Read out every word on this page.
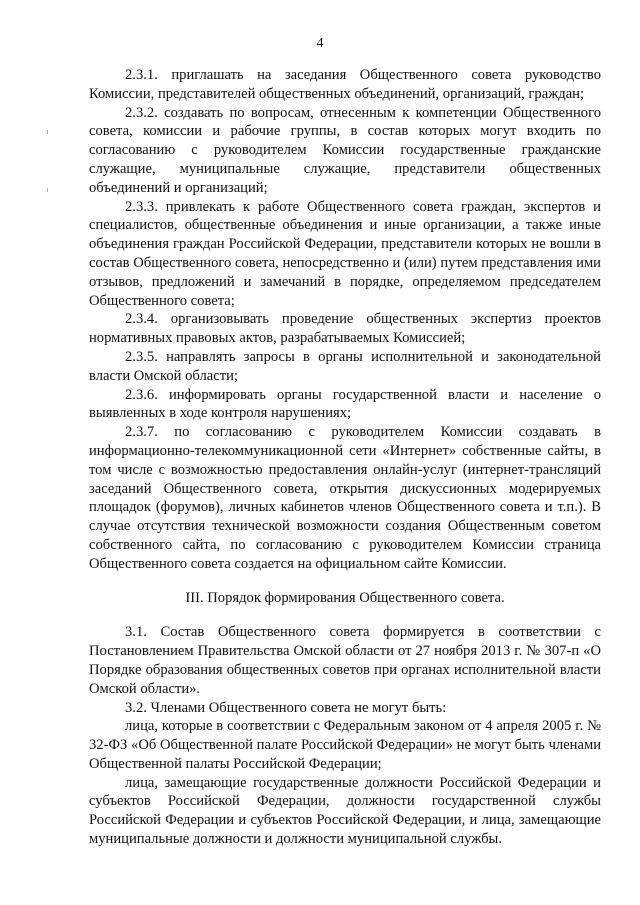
4

2.3.1. приглашать на заседания Общественного совета руководство Комиссии, представителей общественных объединений, организаций, граждан;

2.3.2. создавать по вопросам, отнесенным к компетенции Общественного совета, комиссии и рабочие группы, в состав которых могут входить по согласованию с руководителем Комиссии государственные гражданские служащие, муниципальные служащие, представители общественных объединений и организаций;

2.3.3. привлекать к работе Общественного совета граждан, экспертов и специалистов, общественные объединения и иные организации, а также иные объединения граждан Российской Федерации, представители которых не вошли в состав Общественного совета, непосредственно и (или) путем представления ими отзывов, предложений и замечаний в порядке, определяемом председателем Общественного совета;

2.3.4. организовывать проведение общественных экспертиз проектов нормативных правовых актов, разрабатываемых Комиссией;

2.3.5. направлять запросы в органы исполнительной и законодательной власти Омской области;

2.3.6. информировать органы государственной власти и население о выявленных в ходе контроля нарушениях;

2.3.7. по согласованию с руководителем Комиссии создавать в информационно-телекоммуникационной сети «Интернет» собственные сайты, в том числе с возможностью предоставления онлайн-услуг (интернет-трансляций заседаний Общественного совета, открытия дискуссионных модерируемых площадок (форумов), личных кабинетов членов Общественного совета и т.п.). В случае отсутствия технической возможности создания Общественным советом собственного сайта, по согласованию с руководителем Комиссии страница Общественного совета создается на официальном сайте Комиссии.

III. Порядок формирования Общественного совета.

3.1. Состав Общественного совета формируется в соответствии с Постановлением Правительства Омской области от 27 ноября 2013 г. № 307-п «О Порядке образования общественных советов при органах исполнительной власти Омской области».

3.2. Членами Общественного совета не могут быть:

лица, которые в соответствии с Федеральным законом от 4 апреля 2005 г. № 32-ФЗ «Об Общественной палате Российской Федерации» не могут быть членами Общественной палаты Российской Федерации;

лица, замещающие государственные должности Российской Федерации и субъектов Российской Федерации, должности государственной службы Российской Федерации и субъектов Российской Федерации, и лица, замещающие муниципальные должности и должности муниципальной службы.
